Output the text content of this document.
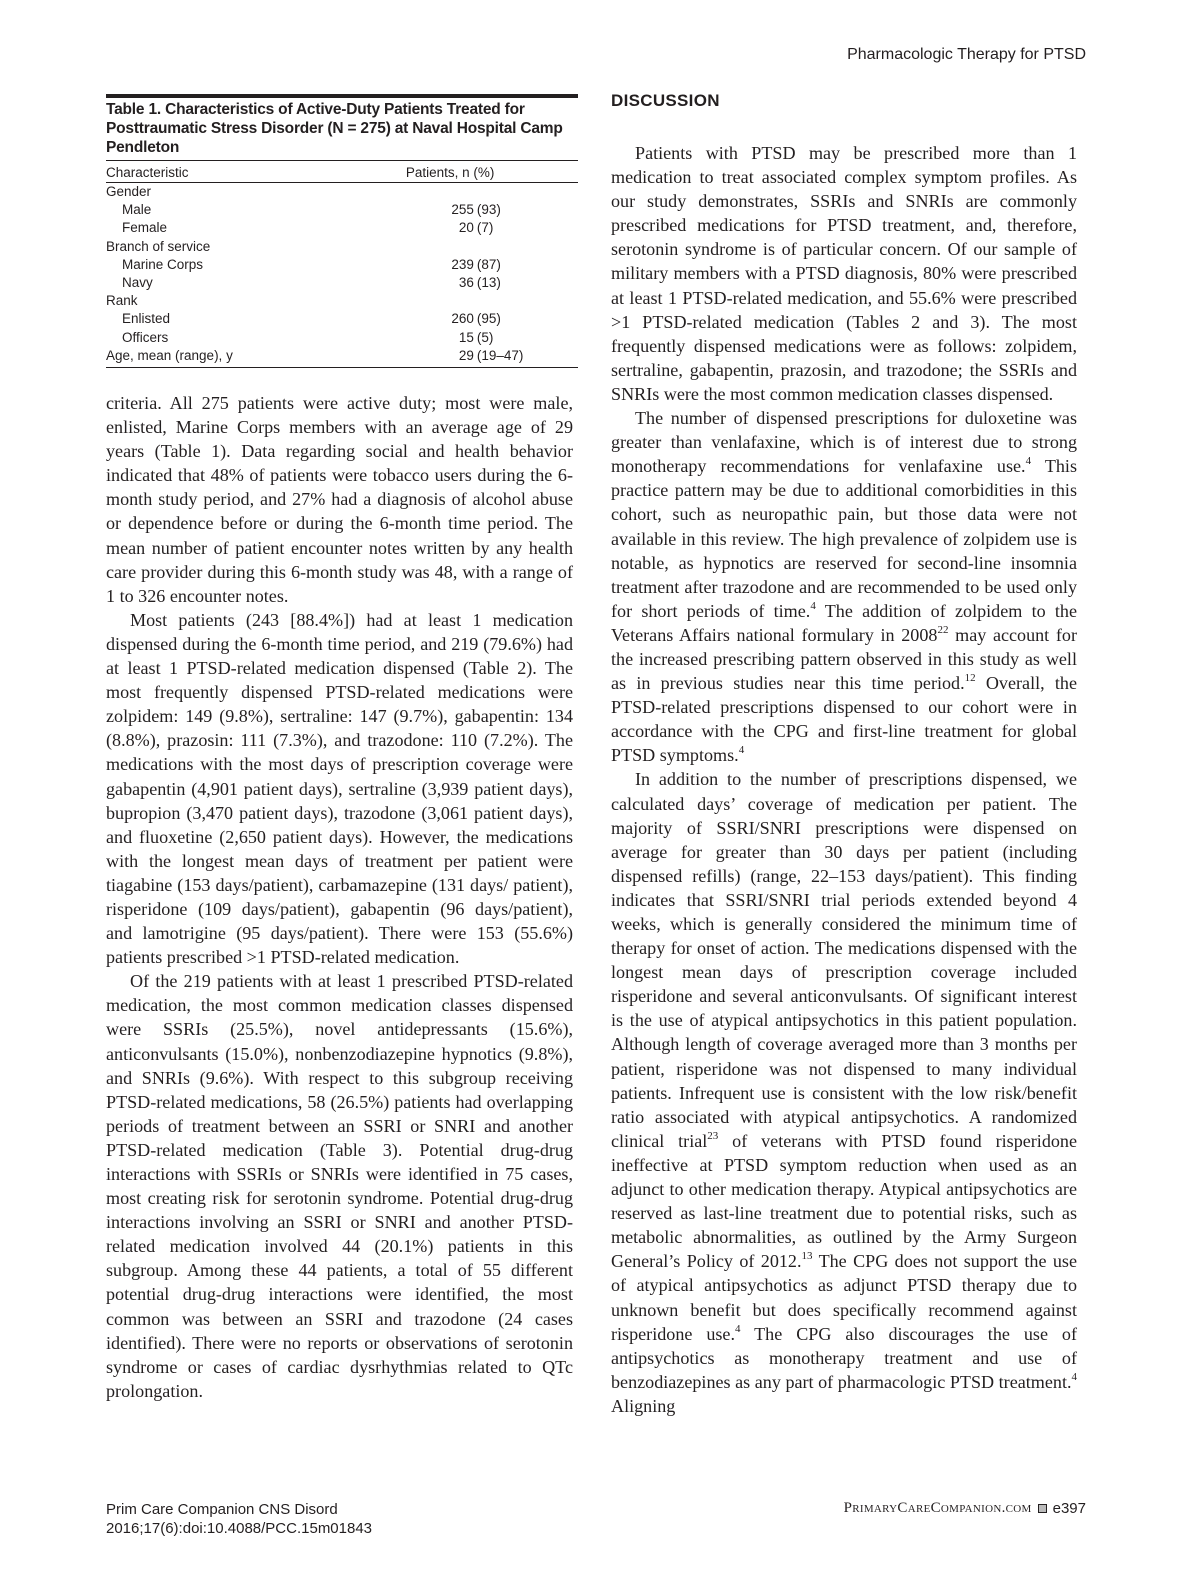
Pharmacologic Therapy for PTSD
Table 1. Characteristics of Active-Duty Patients Treated for Posttraumatic Stress Disorder (N = 275) at Naval Hospital Camp Pendleton
Characteristic	Patients, n (%)
Gender	
Male	255 (93)
Female	20 (7)
Branch of service	
Marine Corps	239 (87)
Navy	36 (13)
Rank	
Enlisted	260 (95)
Officers	15 (5)
Age, mean (range), y	29 (19–47)

criteria. All 275 patients were active duty; most were male, enlisted, Marine Corps members with an average age of 29 years (Table 1). Data regarding social and health behavior indicated that 48% of patients were tobacco users during the 6-month study period, and 27% had a diagnosis of alcohol abuse or dependence before or during the 6-month time period. The mean number of patient encounter notes written by any health care provider during this 6-month study was 48, with a range of 1 to 326 encounter notes.

Most patients (243 [88.4%]) had at least 1 medication dispensed during the 6-month time period, and 219 (79.6%) had at least 1 PTSD-related medication dispensed (Table 2). The most frequently dispensed PTSD-related medications were zolpidem: 149 (9.8%), sertraline: 147 (9.7%), gabapentin: 134 (8.8%), prazosin: 111 (7.3%), and trazodone: 110 (7.2%). The medications with the most days of prescription coverage were gabapentin (4,901 patient days), sertraline (3,939 patient days), bupropion (3,470 patient days), trazodone (3,061 patient days), and fluoxetine (2,650 patient days). However, the medications with the longest mean days of treatment per patient were tiagabine (153 days/patient), carbamazepine (131 days/ patient), risperidone (109 days/patient), gabapentin (96 days/patient), and lamotrigine (95 days/patient). There were 153 (55.6%) patients prescribed >1 PTSD-related medication.

Of the 219 patients with at least 1 prescribed PTSD-related medication, the most common medication classes dispensed were SSRIs (25.5%), novel antidepressants (15.6%), anticonvulsants (15.0%), nonbenzodiazepine hypnotics (9.8%), and SNRIs (9.6%). With respect to this subgroup receiving PTSD-related medications, 58 (26.5%) patients had overlapping periods of treatment between an SSRI or SNRI and another PTSD-related medication (Table 3). Potential drug-drug interactions with SSRIs or SNRIs were identified in 75 cases, most creating risk for serotonin syndrome. Potential drug-drug interactions involving an SSRI or SNRI and another PTSD-related medication involved 44 (20.1%) patients in this subgroup. Among these 44 patients, a total of 55 different potential drug-drug interactions were identified, the most common was between an SSRI and trazodone (24 cases identified). There were no reports or observations of serotonin syndrome or cases of cardiac dysrhythmias related to QTc prolongation.

DISCUSSION

Patients with PTSD may be prescribed more than 1 medication to treat associated complex symptom profiles. As our study demonstrates, SSRIs and SNRIs are commonly prescribed medications for PTSD treatment, and, therefore, serotonin syndrome is of particular concern. Of our sample of military members with a PTSD diagnosis, 80% were prescribed at least 1 PTSD-related medication, and 55.6% were prescribed >1 PTSD-related medication (Tables 2 and 3). The most frequently dispensed medications were as follows: zolpidem, sertraline, gabapentin, prazosin, and trazodone; the SSRIs and SNRIs were the most common medication classes dispensed.

The number of dispensed prescriptions for duloxetine was greater than venlafaxine, which is of interest due to strong monotherapy recommendations for venlafaxine use.$^4$ This practice pattern may be due to additional comorbidities in this cohort, such as neuropathic pain, but those data were not available in this review. The high prevalence of zolpidem use is notable, as hypnotics are reserved for second-line insomnia treatment after trazodone and are recommended to be used only for short periods of time.$^4$ The addition of zolpidem to the Veterans Affairs national formulary in 2008$^{22}$ may account for the increased prescribing pattern observed in this study as well as in previous studies near this time period.$^{12}$ Overall, the PTSD-related prescriptions dispensed to our cohort were in accordance with the CPG and first-line treatment for global PTSD symptoms.$^4$

In addition to the number of prescriptions dispensed, we calculated days’ coverage of medication per patient. The majority of SSRI/SNRI prescriptions were dispensed on average for greater than 30 days per patient (including dispensed refills) (range, 22–153 days/patient). This finding indicates that SSRI/SNRI trial periods extended beyond 4 weeks, which is generally considered the minimum time of therapy for onset of action. The medications dispensed with the longest mean days of prescription coverage included risperidone and several anticonvulsants. Of significant interest is the use of atypical antipsychotics in this patient population. Although length of coverage averaged more than 3 months per patient, risperidone was not dispensed to many individual patients. Infrequent use is consistent with the low risk/benefit ratio associated with atypical antipsychotics. A randomized clinical trial$^{23}$ of veterans with PTSD found risperidone ineffective at PTSD symptom reduction when used as an adjunct to other medication therapy. Atypical antipsychotics are reserved as last-line treatment due to potential risks, such as metabolic abnormalities, as outlined by the Army Surgeon General’s Policy of 2012.13 The CPG does not support the use of atypical antipsychotics as adjunct PTSD therapy due to unknown benefit but does specifically recommend against risperidone use.$^4$ The CPG also discourages the use of antipsychotics as monotherapy treatment and use of benzodiazepines as any part of pharmacologic PTSD treatment.$^4$ Aligning

Prim Care Companion CNS Disord
2016;17(6):doi:10.4088/PCC.15m01843
PrimaryCareCompanion.com e397
